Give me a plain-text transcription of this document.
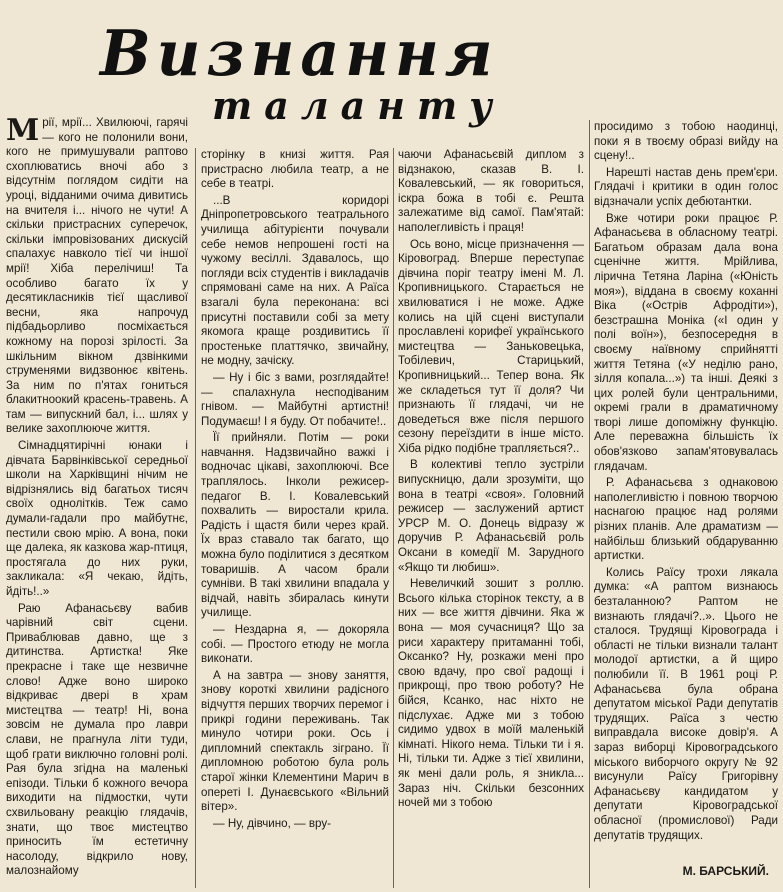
Визнання
таланту

Мрії, мрії... Хвилюючі, гарячі — кого не полонили вони, кого не примушували раптово схоплюватись вночі або з відсутнім поглядом сидіти на уроці, відданими очима дивитись на вчителя і... нічого не чути! А скільки пристрасних суперечок, скільки імпровізованих дискусій спалахує навколо тієї чи іншої мрії! Хіба перелічиш! Та особливо багато їх у десятикласників тієї щасливої весни, яка напрочуд підбадьорливо посміхається кожному на порозі зрілості. За шкільним вікном дзвінкими струменями видзвонює квітень. За ним по п'ятах гониться блакитноокий красень-травень. А там — випускний бал, і... шлях у велике захоплююче життя.

Сімнадцятирічні юнаки і дівчата Барвінківської середньої школи на Харківщині нічим не відрізнялись від багатьох тисяч своїх однолітків. Теж само думали-гадали про майбутнє, пестили свою мрію. А вона, поки ще далека, як казкова жар-птиця, простягала до них руки, закликала: «Я чекаю, йдіть, йдіть!..»

Раю Афанасьєву вабив чарівний світ сцени. Приваблював давно, ще з дитинства. Артистка! Яке прекрасне і таке ще незвичне слово! Адже воно широко відкриває двері в храм мистецтва — театр! Ні, вона зовсім не думала про лаври слави, не прагнула літи туди, щоб грати виключно головні ролі. Рая була згідна на маленькі епізоди. Тільки б кожного вечора виходити на підмостки, чути схвильовану реакцію глядачів, знати, що твоє мистецтво приносить їм естетичну насолоду, відкрило нову, малознайому

сторінку в книзі життя. Рая пристрасно любила театр, а не себе в театрі.

...В коридорі Дніпропетровського театрального училища абітурієнти почували себе немов непрошені гості на чужому весіллі. Здавалось, що погляди всіх студентів і викладачів спрямовані саме на них. А Раїса взагалі була переконана: всі присутні поставили собі за мету якомога краще роздивитись її простеньке платтячко, звичайну, не модну, зачіску.

— Ну і біс з вами, розглядайте! — спалахнула несподіваним гнівом. — Майбутні артистні! Подумаєш! І я буду. От побачите!..

Її прийняли. Потім — роки навчання. Надзвичайно важкі і водночас цікаві, захоплюючі. Все траплялось. Інколи режисер-педагог В. І. Ковалевський похвалить — виростали крила. Радість і щастя били через край. Їх враз ставало так багато, що можна було поділитися з десятком товаришів. А часом брали сумніви. В такі хвилини впадала у відчай, навіть збиралась кинути училище.

— Нездарна я, — докоряла собі. — Простого етюду не могла виконати.

А на завтра — знову заняття, знову короткі хвилини радісного відчуття перших творчих перемог і прикрі години переживань. Так минуло чотири роки. Ось і дипломний спектакль зіграно. Її дипломною роботою була роль старої жінки Клементини Марич в опереті І. Дунаєвського «Вільний вітер».

— Ну, дівчино, — вру-

чаючи Афанасьєвій диплом з відзнакою, сказав В. І. Ковалевський, — як говориться, іскра божа в тобі є. Решта залежатиме від самої. Пам'ятай: наполегливість і праця!

Ось воно, місце призначення — Кіровоград. Вперше переступає дівчина поріг театру імені М. Л. Кропивницького. Старається не хвилюватися і не може. Адже колись на цій сцені виступали прославлені корифеї українського мистецтва — Заньковецька, Тобілевич, Старицький, Кропивницький... Тепер вона. Як же складеться тут її доля? Чи признають її глядачі, чи не доведеться вже після першого сезону переїздити в інше місто. Хіба рідко подібне трапляється?..

В колективі тепло зустріли випускницю, дали зрозуміти, що вона в театрі «своя». Головний режисер — заслужений артист УРСР М. О. Донець відразу ж доручив Р. Афанасьєвій роль Оксани в комедії М. Зарудного «Якщо ти любиш».

Невеличкий зошит з роллю. Всього кілька сторінок тексту, а в них — все життя дівчини. Яка ж вона — моя сучасниця? Що за риси характеру притаманні тобі, Оксанко? Ну, розкажи мені про свою вдачу, про свої радощі і прикрощі, про твою роботу? Не бійся, Ксанко, нас ніхто не підслухає. Адже ми з тобою сидимо удвох в моїй маленькій кімнаті. Нікого нема. Тільки ти і я. Ні, тільки ти. Адже з тієї хвилини, як мені дали роль, я зникла... Зараз ніч. Скільки безсонних ночей ми з тобою

просидимо з тобою наодинці, поки я в твоєму образі вийду на сцену!..

Нарешті настав день прем'єри. Глядачі і критики в один голос відзначали успіх дебютантки.

Вже чотири роки працює Р. Афанасьєва в обласному театрі. Багатьом образам дала вона сценічне життя. Мрійлива, лірична Тетяна Ларіна («Юність моя»), віддана в своєму коханні Віка («Острів Афродіти»), безстрашна Моніка («І один у полі воїн»), безпосередня в своєму наївному сприйнятті життя Тетяна («У неділю рано, зілля копала...») та інші. Деякі з цих ролей були центральними, окремі грали в драматичному творі лише допоміжну функцію. Але переважна більшість їх обов'язково запам'ятовувалась глядачам.

Р. Афанасьєва з однаковою наполегливістю і повною творчою наснагою працює над ролями різних планів. Але драматизм — найбільш близький обдаруванню артистки.

Колись Раїсу трохи лякала думка: «А раптом визнаюсь безталанною? Раптом не визнають глядачі?..». Цього не сталося. Трудящі Кіровограда і області не тільки визнали талант молодої артистки, а й щиро полюбили її. В 1961 році Р. Афанасьєва була обрана депутатом міської Ради депутатів трудящих. Раїса з честю виправдала високе довір'я. А зараз виборці Кіровоградського міського виборчого округу № 92 висунули Раїсу Григорівну Афанасьєву кандидатом у депутати Кіровоградської обласної (промислової) Ради депутатів трудящих.

М. БАРСЬКИЙ.
